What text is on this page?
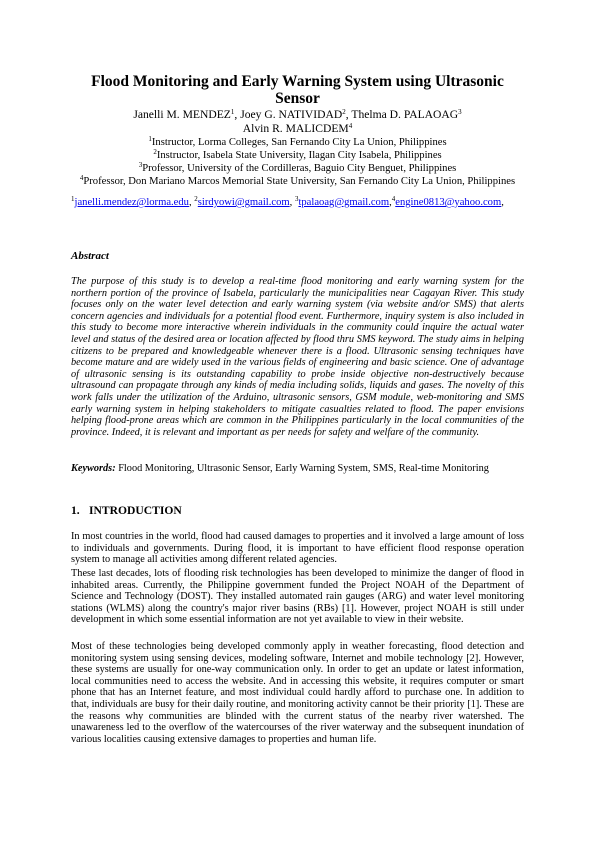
Flood Monitoring and Early Warning System using Ultrasonic
Sensor
Janelli M. MENDEZ$^1$, Joey G. NATIVIDAD$^2$, Thelma D. PALAOAG$^3$
Alvin R. MALICDEM$^4$
$^1$Instructor, Lorma Colleges, San Fernando City La Union, Philippines
$^2$Instructor, Isabela State University, Ilagan City Isabela, Philippines
$^3$Professor, University of the Cordilleras, Baguio City Benguet, Philippines
$^4$Professor, Don Mariano Marcos Memorial State University, San Fernando City La Union, Philippines
$^1$janelli.mendez@lorma.edu, $^2$sirdyowi@gmail.com, $^3$tpalaoag@gmail.com,$^4$engine0813@yahoo.com,
Abstract
The purpose of this study is to develop a real-time flood monitoring and early warning system for the northern portion of the province of Isabela, particularly the municipalities near Cagayan River. This study focuses only on the water level detection and early warning system (via website and/or SMS) that alerts concern agencies and individuals for a potential flood event. Furthermore, inquiry system is also included in this study to become more interactive wherein individuals in the community could inquire the actual water level and status of the desired area or location affected by flood thru SMS keyword. The study aims in helping citizens to be prepared and knowledgeable whenever there is a flood. Ultrasonic sensing techniques have become mature and are widely used in the various fields of engineering and basic science. One of advantage of ultrasonic sensing is its outstanding capability to probe inside objective non-destructively because ultrasound can propagate through any kinds of media including solids, liquids and gases. The novelty of this work falls under the utilization of the Arduino, ultrasonic sensors, GSM module, web-monitoring and SMS early warning system in helping stakeholders to mitigate casualties related to flood. The paper envisions helping flood-prone areas which are common in the Philippines particularly in the local communities of the province. Indeed, it is relevant and important as per needs for safety and welfare of the community.
Keywords: Flood Monitoring, Ultrasonic Sensor, Early Warning System, SMS, Real-time Monitoring
1. INTRODUCTION
In most countries in the world, flood had caused damages to properties and it involved a large amount of loss to individuals and governments. During flood, it is important to have efficient flood response operation system to manage all activities among different related agencies.
These last decades, lots of flooding risk technologies has been developed to minimize the danger of flood in inhabited areas. Currently, the Philippine government funded the Project NOAH of the Department of Science and Technology (DOST). They installed automated rain gauges (ARG) and water level monitoring stations (WLMS) along the country's major river basins (RBs) [1]. However, project NOAH is still under development in which some essential information are not yet available to view in their website.
Most of these technologies being developed commonly apply in weather forecasting, flood detection and monitoring system using sensing devices, modeling software, Internet and mobile technology [2]. However, these systems are usually for one-way communication only. In order to get an update or latest information, local communities need to access the website. And in accessing this website, it requires computer or smart phone that has an Internet feature, and most individual could hardly afford to purchase one. In addition to that, individuals are busy for their daily routine, and monitoring activity cannot be their priority [1]. These are the reasons why communities are blinded with the current status of the nearby river watershed. The unawareness led to the overflow of the watercourses of the river waterway and the subsequent inundation of various localities causing extensive damages to properties and human life.
